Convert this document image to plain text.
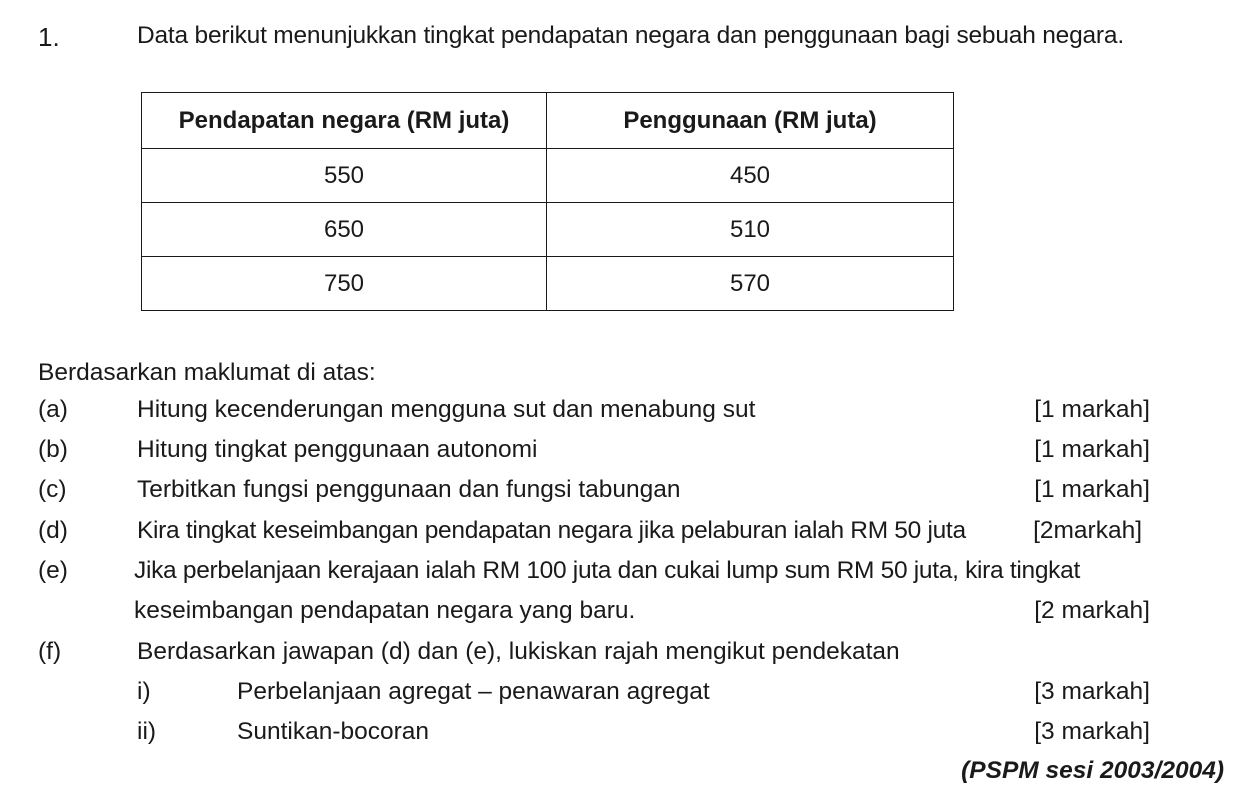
1.	Data berikut menunjukkan tingkat pendapatan negara dan penggunaan bagi sebuah negara.
Pendapatan negara (RM juta)	Penggunaan (RM juta)
550	450
650	510
750	570
Berdasarkan maklumat di atas:
(a)	Hitung kecenderungan mengguna sut dan menabung sut	[1 markah]
(b)	Hitung tingkat penggunaan autonomi	[1 markah]
(c)	Terbitkan fungsi penggunaan dan fungsi tabungan	[1 markah]
(d)	Kira tingkat keseimbangan pendapatan negara jika pelaburan ialah RM 50 juta	[2markah]
(e)	Jika perbelanjaan kerajaan ialah RM 100 juta dan cukai lump sum RM 50 juta, kira tingkat
keseimbangan pendapatan negara yang baru.	[2 markah]
(f)	Berdasarkan jawapan (d) dan (e), lukiskan rajah mengikut pendekatan
i)	Perbelanjaan agregat – penawaran agregat	[3 markah]
ii)	Suntikan-bocoran	[3 markah]
(PSPM sesi 2003/2004)
